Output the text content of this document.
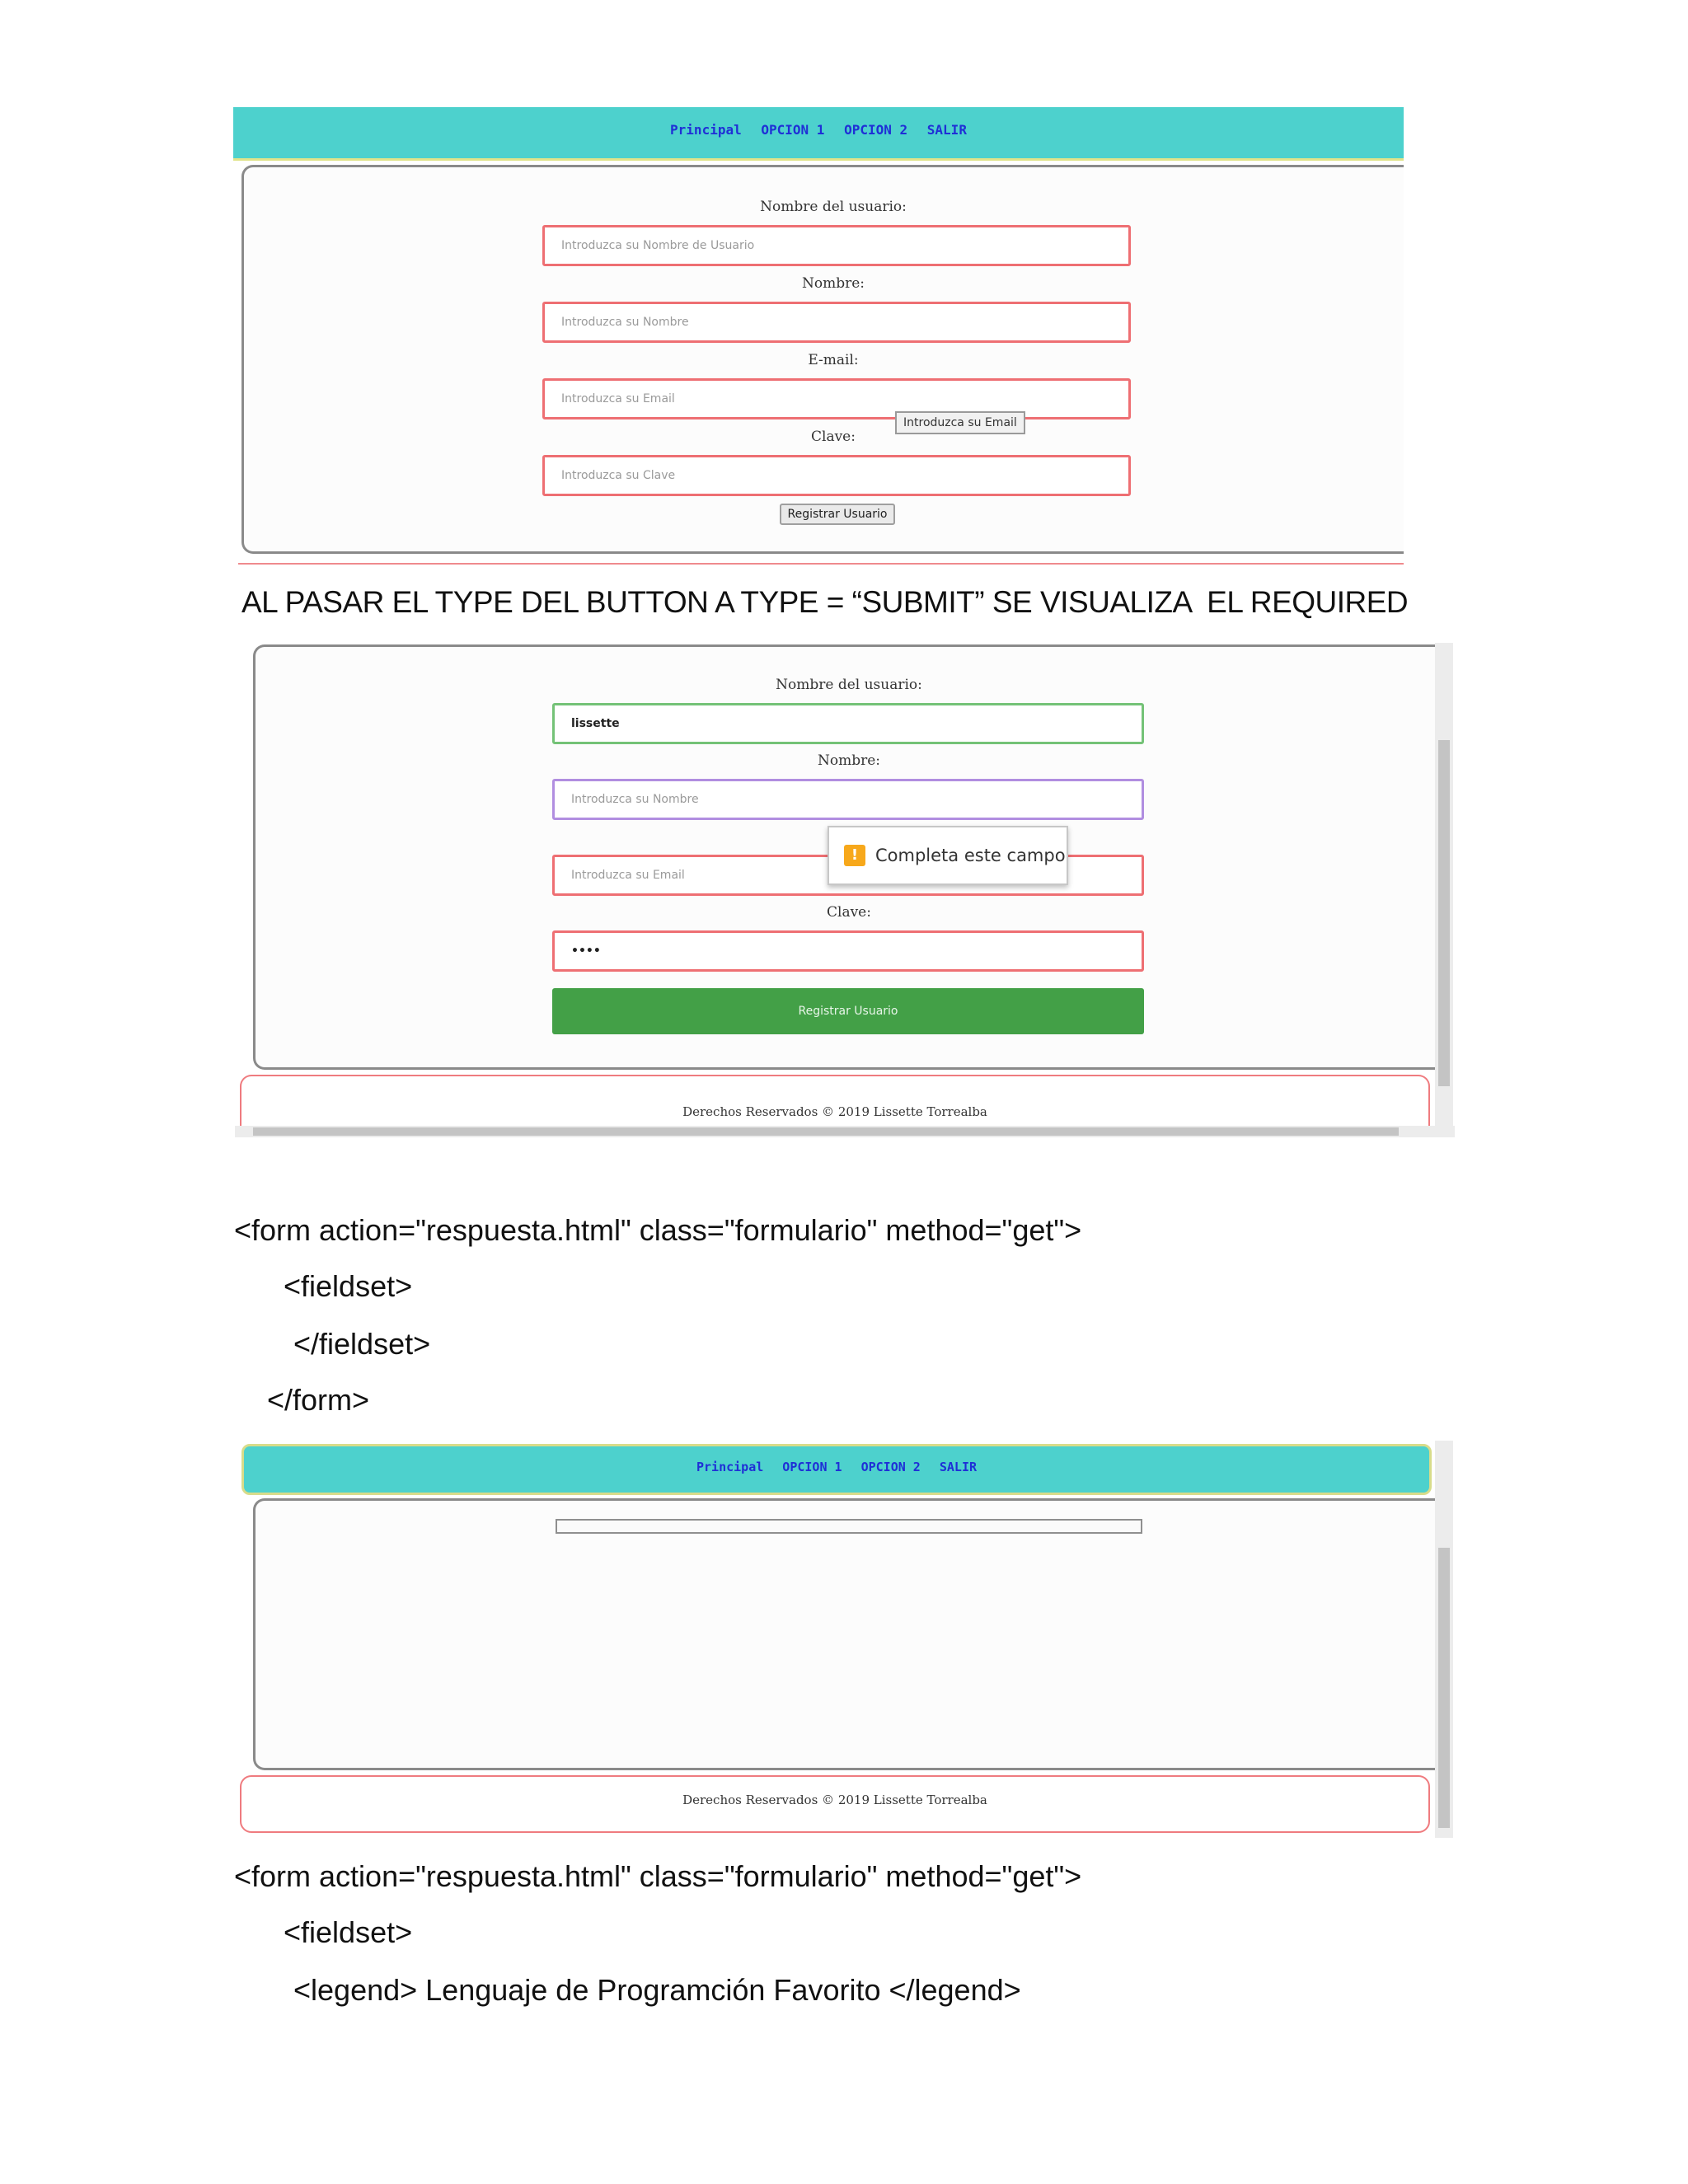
Principal OPCION 1 OPCION 2 SALIR
Nombre del usuario:
Introduzca su Nombre de Usuario
Nombre:
Introduzca su Nombre
E-mail:
Introduzca su Email
Introduzca su Email
Clave:
Introduzca su Clave
Registrar Usuario
AL PASAR EL TYPE DEL BUTTON A TYPE = “SUBMIT” SE VISUALIZA  EL REQUIRED
Nombre del usuario:
lissette
Nombre:
Introduzca su Nombre
Introduzca su Email
Clave:
••••
Registrar Usuario
! Completa este campo
Derechos Reservados © 2019 Lissette Torrealba
<form action="respuesta.html" class="formulario" method="get">
<fieldset>
</fieldset>
</form>
Principal OPCION 1 OPCION 2 SALIR
Derechos Reservados © 2019 Lissette Torrealba
<form action="respuesta.html" class="formulario" method="get">
<fieldset>
<legend> Lenguaje de Programción Favorito </legend>
